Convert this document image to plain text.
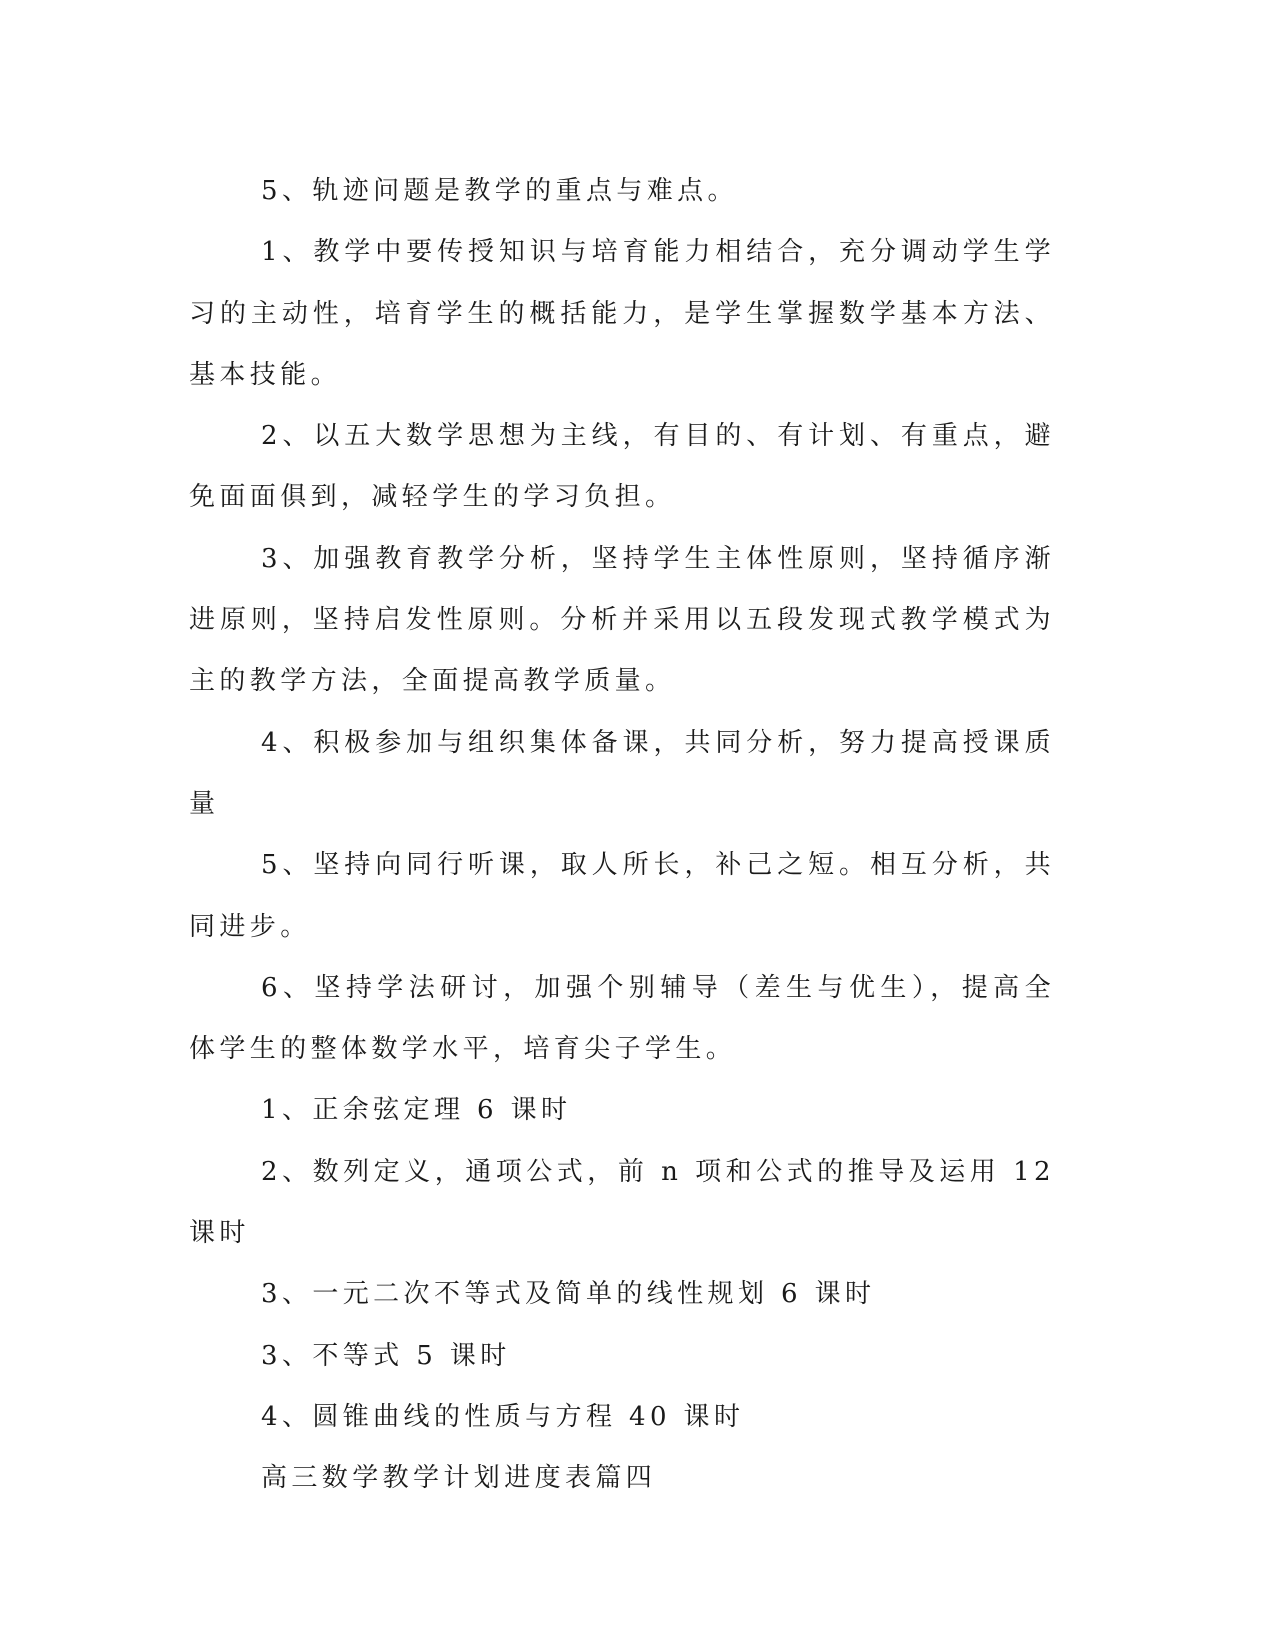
5、轨迹问题是教学的重点与难点。

1、教学中要传授知识与培育能力相结合，充分调动学生学习的主动性，培育学生的概括能力，是学生掌握数学基本方法、基本技能。

2、以五大数学思想为主线，有目的、有计划、有重点，避免面面俱到，减轻学生的学习负担。

3、加强教育教学分析，坚持学生主体性原则，坚持循序渐进原则，坚持启发性原则。分析并采用以五段发现式教学模式为主的教学方法，全面提高教学质量。

4、积极参加与组织集体备课，共同分析，努力提高授课质量

5、坚持向同行听课，取人所长，补己之短。相互分析，共同进步。

6、坚持学法研讨，加强个别辅导（差生与优生），提高全体学生的整体数学水平，培育尖子学生。

1、正余弦定理 6 课时

2、数列定义，通项公式，前 n 项和公式的推导及运用 12 课时

3、一元二次不等式及简单的线性规划 6 课时

3、不等式 5 课时

4、圆锥曲线的性质与方程 40 课时

高三数学教学计划进度表篇四
